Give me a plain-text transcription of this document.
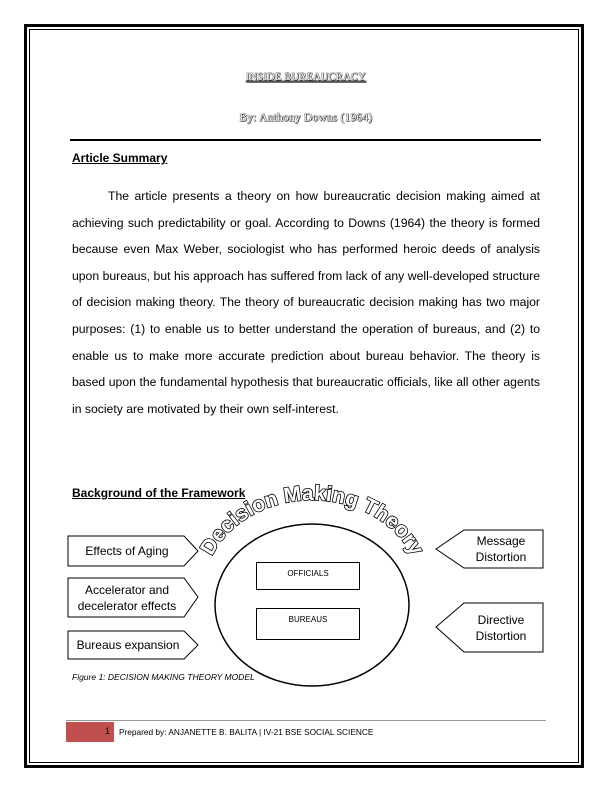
INSIDE BUREAUCRACY
By: Anthony Downs (1964)
Article Summary

The article presents a theory on how bureaucratic decision making aimed at achieving such predictability or goal. According to Downs (1964) the theory is formed because even Max Weber, sociologist who has performed heroic deeds of analysis upon bureaus, but his approach has suffered from lack of any well-developed structure of decision making theory. The theory of bureaucratic decision making has two major purposes: (1) to enable us to better understand the operation of bureaus, and (2) to enable us to make more accurate prediction about bureau behavior. The theory is based upon the fundamental hypothesis that bureaucratic officials, like all other agents in society are motivated by their own self-interest.

Background of the Framework
Decision Making Theory
Effects of Aging
Accelerator and decelerator effects
Bureaus expansion
Message Distortion
Directive Distortion
OFFICIALS
BUREAUS
Figure 1: DECISION MAKING THEORY MODEL
1 Prepared by: ANJANETTE B. BALITA | IV-21 BSE SOCIAL SCIENCE
